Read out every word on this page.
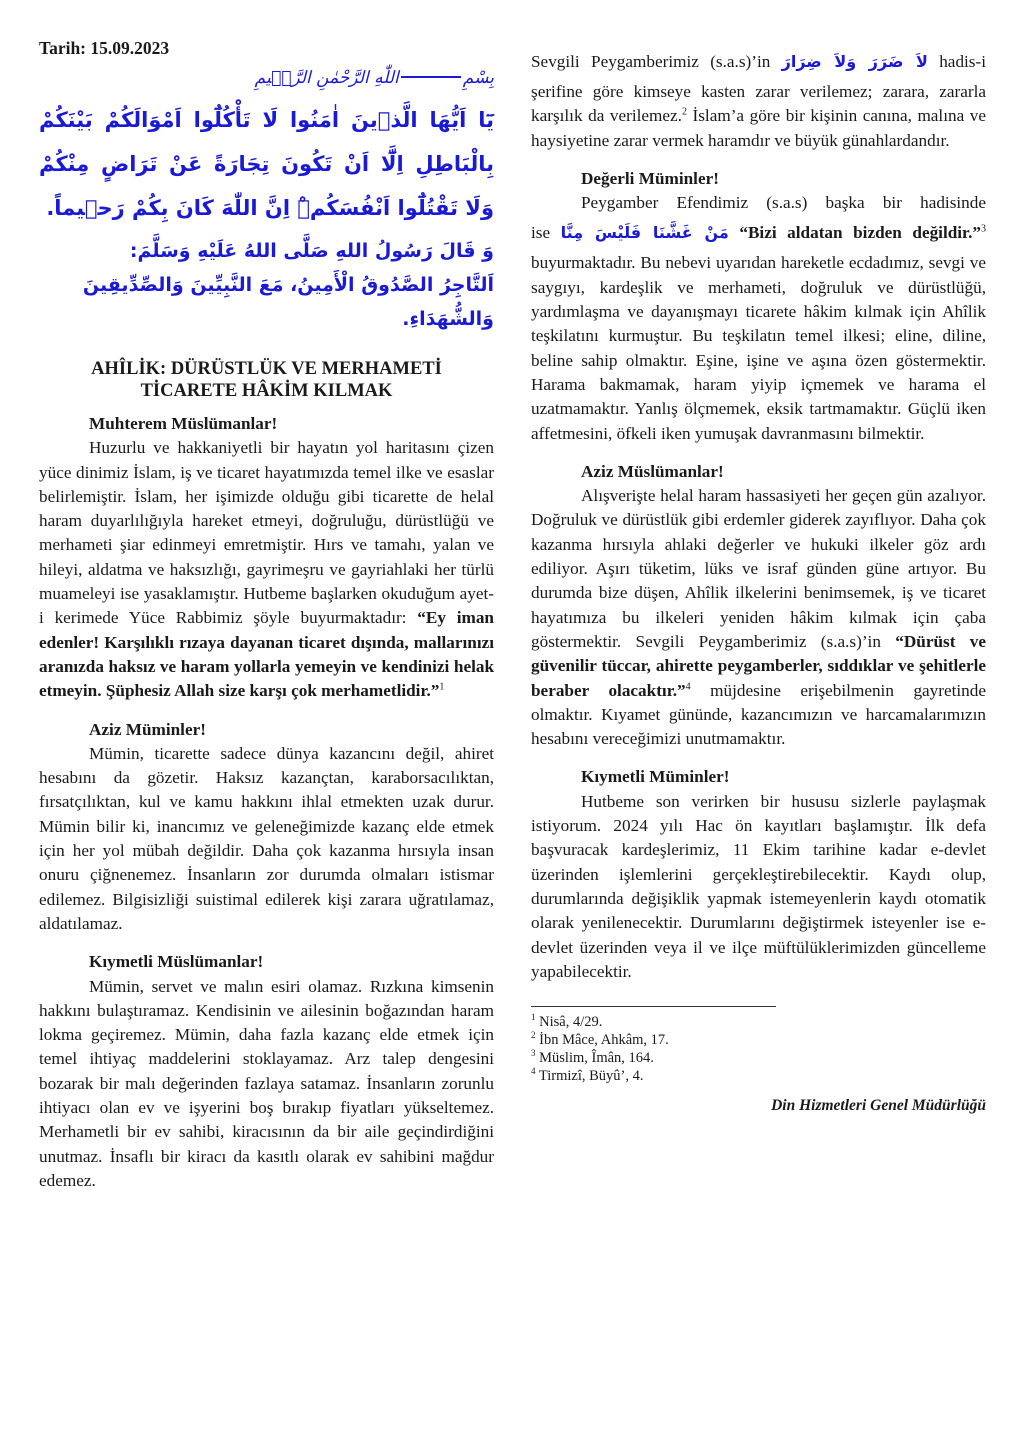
Tarih: 15.09.2023

بِسْمِاللّٰهِ الرَّحْمٰنِ الرَّح۪يمِ

يَٓا اَيُّهَا الَّذ۪ينَ اٰمَنُوا لَا تَأْكُلُٓوا اَمْوَالَكُمْ بَيْنَكُمْ بِالْبَاطِلِ اِلَّٓا اَنْ تَكُونَ تِجَارَةً عَنْ تَرَاضٍ مِنْكُمْ وَلَا تَقْتُلُٓوا اَنْفُسَكُمْۜ اِنَّ اللّٰهَ كَانَ بِكُمْ رَح۪يماً.

وَ قَالَ رَسُولُ اللهِ صَلَّى اللهُ عَلَيْهِ وَسَلَّمَ:

اَلتَّاجِرُ الصَّدُوقُ الْأَمِينُ، مَعَ النَّبِيِّينَ وَالصِّدِّيقِينَ وَالشُّهَدَاءِ.

AHÎLİK: DÜRÜSTLÜK VE MERHAMETİ
TİCARETE HÂKİM KILMAK

Muhterem Müslümanlar!

Huzurlu ve hakkaniyetli bir hayatın yol haritasını çizen yüce dinimiz İslam, iş ve ticaret hayatımızda temel ilke ve esaslar belirlemiştir. İslam, her işimizde olduğu gibi ticarette de helal haram duyarlılığıyla hareket etmeyi, doğruluğu, dürüstlüğü ve merhameti şiar edinmeyi emretmiştir. Hırs ve tamahı, yalan ve hileyi, aldatma ve haksızlığı, gayrimeşru ve gayriahlaki her türlü muameleyi ise yasaklamıştır. Hutbeme başlarken okuduğum ayet-i kerimede Yüce Rabbimiz şöyle buyurmaktadır: “Ey iman edenler! Karşılıklı rızaya dayanan ticaret dışında, mallarınızı aranızda haksız ve haram yollarla yemeyin ve kendinizi helak etmeyin. Şüphesiz Allah size karşı çok merhametlidir.”$^1$

Aziz Müminler!

Mümin, ticarette sadece dünya kazancını değil, ahiret hesabını da gözetir. Haksız kazançtan, karaborsacılıktan, fırsatçılıktan, kul ve kamu hakkını ihlal etmekten uzak durur. Mümin bilir ki, inancımız ve geleneğimizde kazanç elde etmek için her yol mübah değildir. Daha çok kazanma hırsıyla insan onuru çiğnenemez. İnsanların zor durumda olmaları istismar edilemez. Bilgisizliği suistimal edilerek kişi zarara uğratılamaz, aldatılamaz.

Kıymetli Müslümanlar!

Mümin, servet ve malın esiri olamaz. Rızkına kimsenin hakkını bulaştıramaz. Kendisinin ve ailesinin boğazından haram lokma geçiremez. Mümin, daha fazla kazanç elde etmek için temel ihtiyaç maddelerini stoklayamaz. Arz talep dengesini bozarak bir malı değerinden fazlaya satamaz. İnsanların zorunlu ihtiyacı olan ev ve işyerini boş bırakıp fiyatları yükseltemez. Merhametli bir ev sahibi, kiracısının da bir aile geçindirdiğini unutmaz. İnsaflı bir kiracı da kasıtlı olarak ev sahibini mağdur edemez.

Sevgili Peygamberimiz (s.a.s)’in لاَ ضَرَرَ وَلاَ ضِرَارَ hadis-i

şerifine göre kimseye kasten zarar verilemez; zarara, zararla karşılık da verilemez.$^2$ İslam’a göre bir kişinin canına, malına ve haysiyetine zarar vermek haramdır ve büyük günahlardandır.

Değerli Müminler!

Peygamber Efendimiz (s.a.s) başka bir hadisinde

ise مَنْ غَشَّنَا فَلَيْسَ مِنَّا “Bizi aldatan bizden değildir.”$^3$

buyurmaktadır. Bu nebevi uyarıdan hareketle ecdadımız, sevgi ve saygıyı, kardeşlik ve merhameti, doğruluk ve dürüstlüğü, yardımlaşma ve dayanışmayı ticarete hâkim kılmak için Ahîlik teşkilatını kurmuştur. Bu teşkilatın temel ilkesi; eline, diline, beline sahip olmaktır. Eşine, işine ve aşına özen göstermektir. Harama bakmamak, haram yiyip içmemek ve harama el uzatmamaktır. Yanlış ölçmemek, eksik tartmamaktır. Güçlü iken affetmesini, öfkeli iken yumuşak davranmasını bilmektir.

Aziz Müslümanlar!

Alışverişte helal haram hassasiyeti her geçen gün azalıyor. Doğruluk ve dürüstlük gibi erdemler giderek zayıflıyor. Daha çok kazanma hırsıyla ahlaki değerler ve hukuki ilkeler göz ardı ediliyor. Aşırı tüketim, lüks ve israf günden güne artıyor. Bu durumda bize düşen, Ahîlik ilkelerini benimsemek, iş ve ticaret hayatımıza bu ilkeleri yeniden hâkim kılmak için çaba göstermektir. Sevgili Peygamberimiz (s.a.s)’in “Dürüst ve güvenilir tüccar, ahirette peygamberler, sıddıklar ve şehitlerle beraber olacaktır.”$^4$ müjdesine erişebilmenin gayretinde olmaktır. Kıyamet gününde, kazancımızın ve harcamalarımızın hesabını vereceğimizi unutmamaktır.

Kıymetli Müminler!

Hutbeme son verirken bir hususu sizlerle paylaşmak istiyorum. 2024 yılı Hac ön kayıtları başlamıştır. İlk defa başvuracak kardeşlerimiz, 11 Ekim tarihine kadar e-devlet üzerinden işlemlerini gerçekleştirebilecektir. Kaydı olup, durumlarında değişiklik yapmak istemeyenlerin kaydı otomatik olarak yenilenecektir. Durumlarını değiştirmek isteyenler ise e-devlet üzerinden veya il ve ilçe müftülüklerimizden güncelleme yapabilecektir.

$^1$ Nisâ, 4/29.
$^2$ İbn Mâce, Ahkâm, 17.
$^3$ Müslim, Îmân, 164.
$^4$ Tirmizî, Büyû’, 4.

Din Hizmetleri Genel Müdürlüğü
